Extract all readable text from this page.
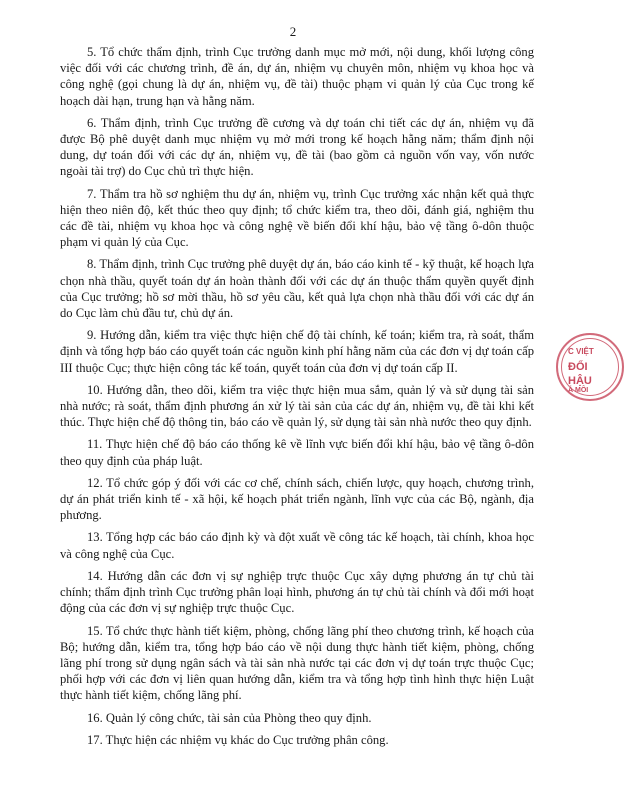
2

5. Tổ chức thẩm định, trình Cục trưởng danh mục mở mới, nội dung, khối lượng công việc đối với các chương trình, đề án, dự án, nhiệm vụ chuyên môn, nhiệm vụ khoa học và công nghệ (gọi chung là dự án, nhiệm vụ, đề tài) thuộc phạm vi quản lý của Cục trong kế hoạch dài hạn, trung hạn và hằng năm.

6. Thẩm định, trình Cục trưởng đề cương và dự toán chi tiết các dự án, nhiệm vụ đã được Bộ phê duyệt danh mục nhiệm vụ mở mới trong kế hoạch hằng năm; thẩm định nội dung, dự toán đối với các dự án, nhiệm vụ, đề tài (bao gồm cả nguồn vốn vay, vốn nước ngoài tài trợ) do Cục chủ trì thực hiện.

7. Thẩm tra hồ sơ nghiệm thu dự án, nhiệm vụ, trình Cục trưởng xác nhận kết quả thực hiện theo niên độ, kết thúc theo quy định; tổ chức kiểm tra, theo dõi, đánh giá, nghiệm thu các đề tài, nhiệm vụ khoa học và công nghệ về biến đổi khí hậu, bảo vệ tầng ô-dôn thuộc phạm vi quản lý của Cục.

8. Thẩm định, trình Cục trưởng phê duyệt dự án, báo cáo kinh tế - kỹ thuật, kế hoạch lựa chọn nhà thầu, quyết toán dự án hoàn thành đối với các dự án thuộc thẩm quyền quyết định của Cục trưởng; hồ sơ mời thầu, hồ sơ yêu cầu, kết quả lựa chọn nhà thầu đối với các dự án do Cục làm chủ đầu tư, chủ dự án.

9. Hướng dẫn, kiểm tra việc thực hiện chế độ tài chính, kế toán; kiểm tra, rà soát, thẩm định và tổng hợp báo cáo quyết toán các nguồn kinh phí hằng năm của các đơn vị dự toán cấp III thuộc Cục; thực hiện công tác kế toán, quyết toán của đơn vị dự toán cấp II.

10. Hướng dẫn, theo dõi, kiểm tra việc thực hiện mua sắm, quản lý và sử dụng tài sản nhà nước; rà soát, thẩm định phương án xử lý tài sản của các dự án, nhiệm vụ, đề tài khi kết thúc. Thực hiện chế độ thông tin, báo cáo về quản lý, sử dụng tài sản nhà nước theo quy định.

11. Thực hiện chế độ báo cáo thống kê về lĩnh vực biến đổi khí hậu, bảo vệ tầng ô-dôn theo quy định của pháp luật.

12. Tổ chức góp ý đối với các cơ chế, chính sách, chiến lược, quy hoạch, chương trình, dự án phát triển kinh tế - xã hội, kế hoạch phát triển ngành, lĩnh vực của các Bộ, ngành, địa phương.

13. Tổng hợp các báo cáo định kỳ và đột xuất về công tác kế hoạch, tài chính, khoa học và công nghệ của Cục.

14. Hướng dẫn các đơn vị sự nghiệp trực thuộc Cục xây dựng phương án tự chủ tài chính; thẩm định trình Cục trưởng phân loại hình, phương án tự chủ tài chính và đổi mới hoạt động của các đơn vị sự nghiệp trực thuộc Cục.

15. Tổ chức thực hành tiết kiệm, phòng, chống lãng phí theo chương trình, kế hoạch của Bộ; hướng dẫn, kiểm tra, tổng hợp báo cáo về nội dung thực hành tiết kiệm, phòng, chống lãng phí trong sử dụng ngân sách và tài sản nhà nước tại các đơn vị dự toán trực thuộc Cục; phối hợp với các đơn vị liên quan hướng dẫn, kiểm tra và tổng hợp tình hình thực hiện Luật thực hành tiết kiệm, chống lãng phí.

16. Quản lý công chức, tài sản của Phòng theo quy định.

17. Thực hiện các nhiệm vụ khác do Cục trưởng phân công.

C VIỆT
ĐỔI
HẬU
Ả MÔI
